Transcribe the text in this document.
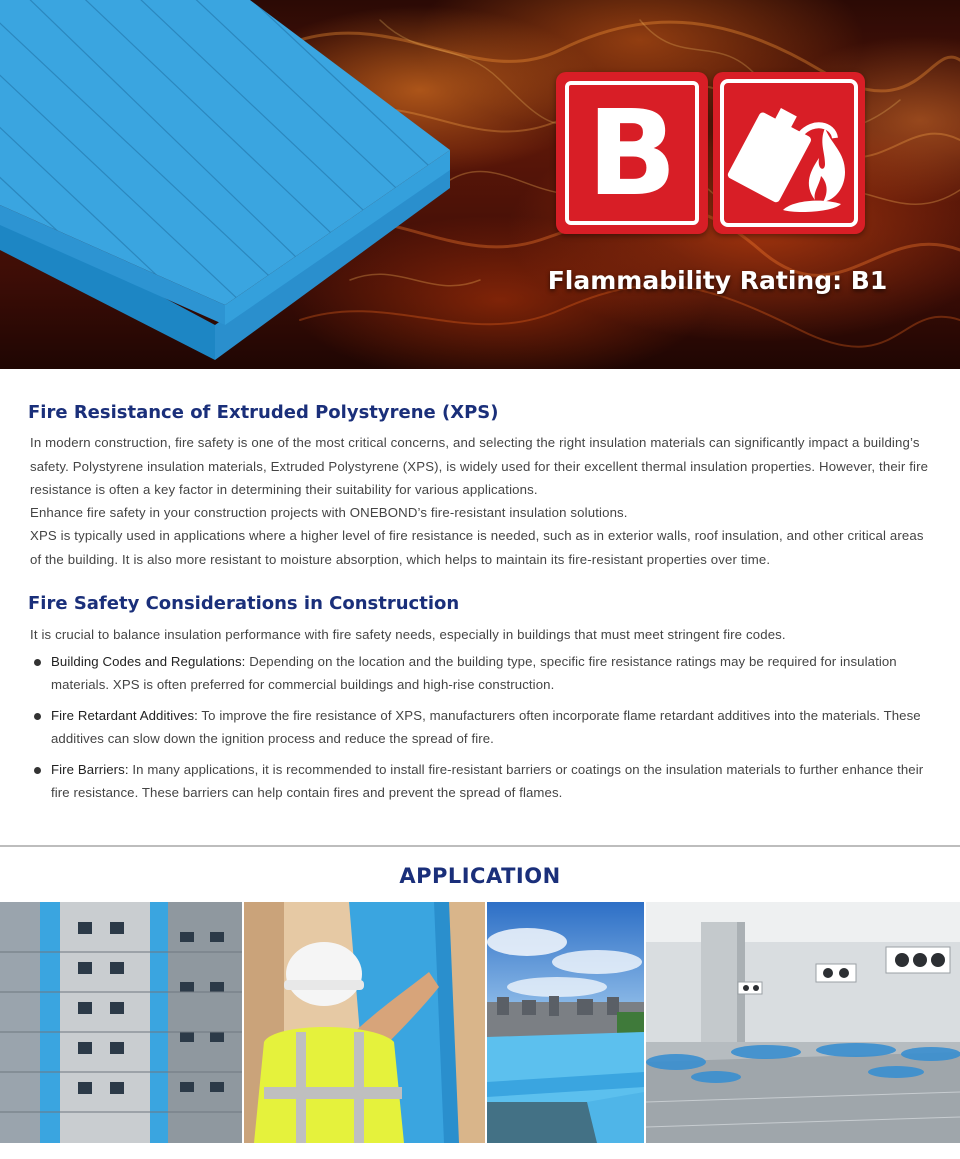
B
Flammability Rating: B1
Fire Resistance of Extruded Polystyrene (XPS)

In modern construction, fire safety is one of the most critical concerns, and selecting the right insulation materials can significantly impact a building’s safety. Polystyrene insulation materials, Extruded Polystyrene (XPS), is widely used for their excellent thermal insulation properties. However, their fire resistance is often a key factor in determining their suitability for various applications.

Enhance fire safety in your construction projects with ONEBOND’s fire-resistant insulation solutions.

XPS is typically used in applications where a higher level of fire resistance is needed, such as in exterior walls, roof insulation, and other critical areas of the building. It is also more resistant to moisture absorption, which helps to maintain its fire-resistant properties over time.

Fire Safety Considerations in Construction

It is crucial to balance insulation performance with fire safety needs, especially in buildings that must meet stringent fire codes.

Building Codes and Regulations: Depending on the location and the building type, specific fire resistance ratings may be required for insulation materials. XPS is often preferred for commercial buildings and high-rise construction.
Fire Retardant Additives: To improve the fire resistance of XPS, manufacturers often incorporate flame retardant additives into the materials. These additives can slow down the ignition process and reduce the spread of fire.
Fire Barriers: In many applications, it is recommended to install fire-resistant barriers or coatings on the insulation materials to further enhance their fire resistance. These barriers can help contain fires and prevent the spread of flames.
APPLICATION
